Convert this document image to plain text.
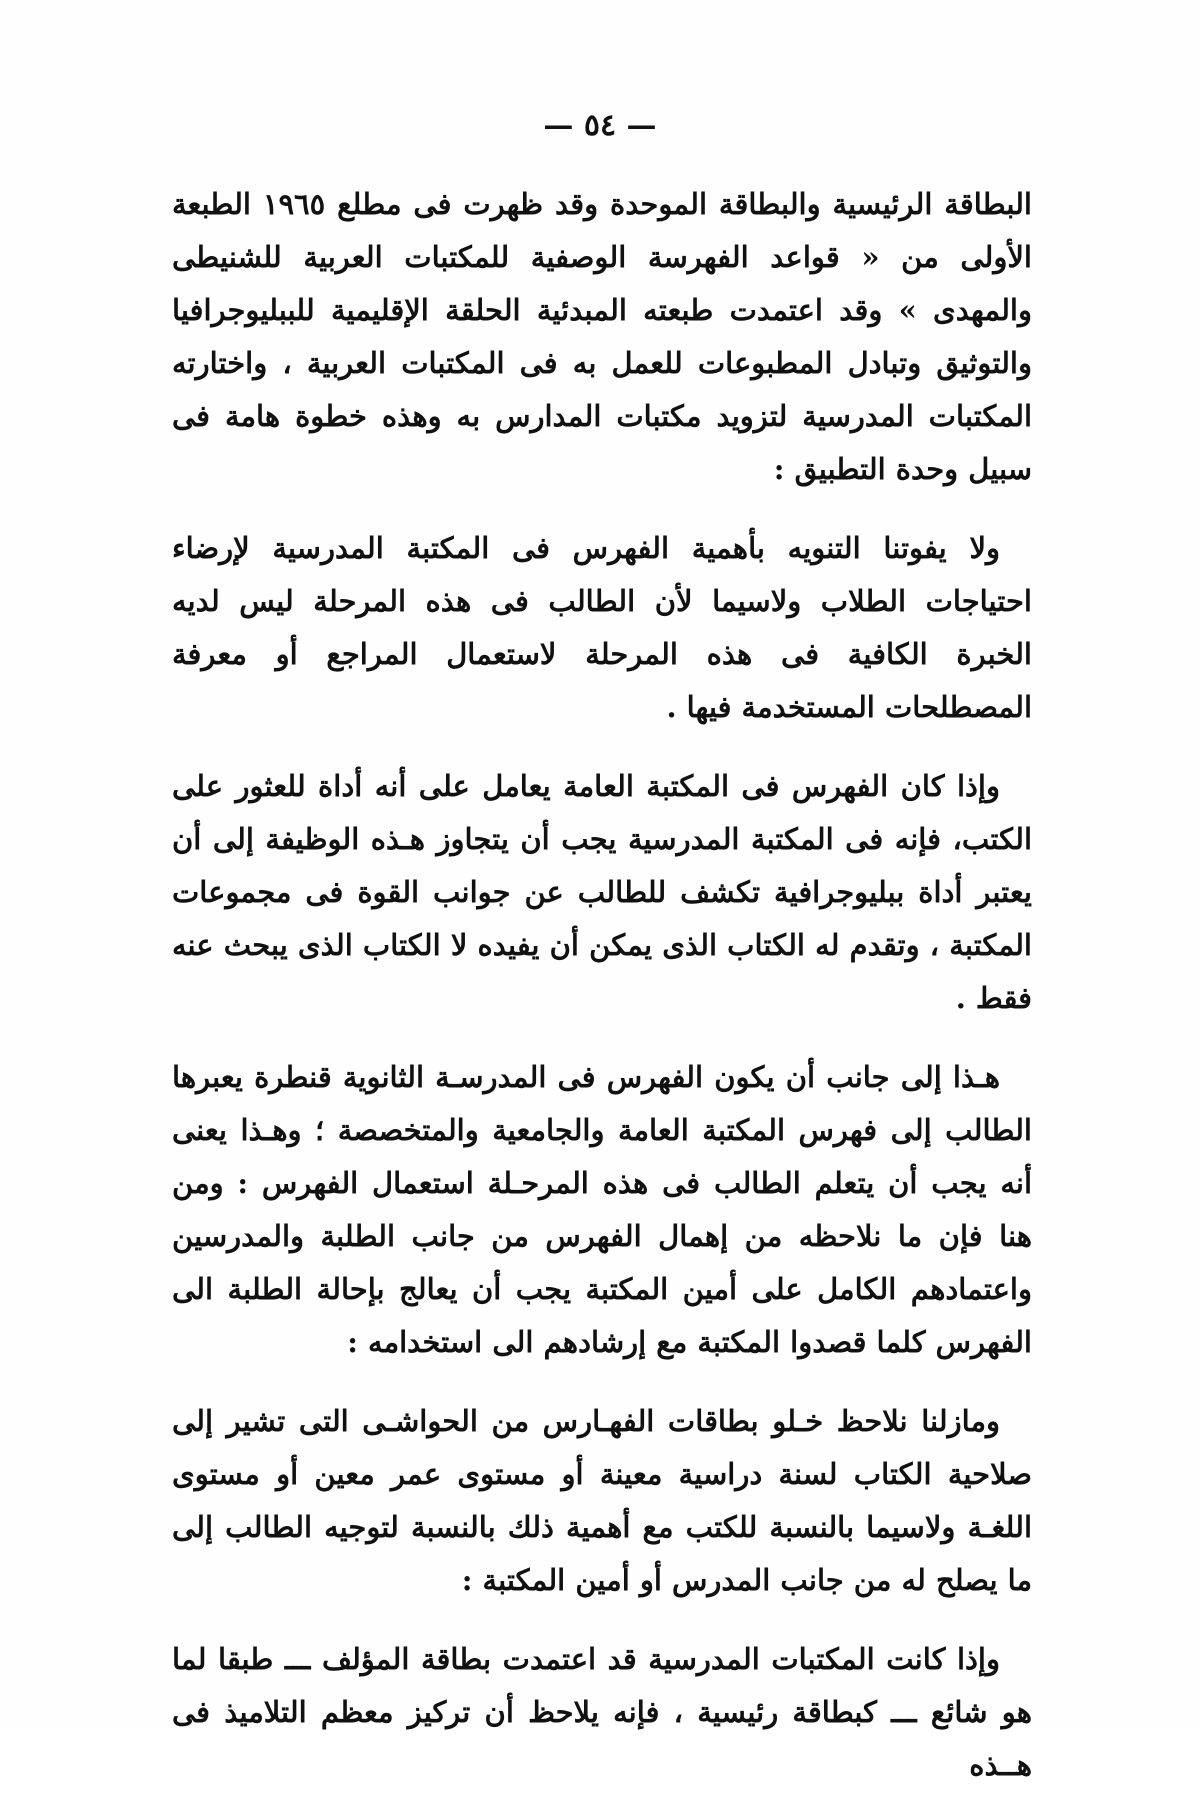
— ٥٤ —

البطاقة الرئيسية والبطاقة الموحدة وقد ظهرت فى مطلع ١٩٦٥ الطبعة الأولى من « قواعد الفهرسة الوصفية للمكتبات العربية للشنيطى والمهدى » وقد اعتمدت طبعته المبدئية الحلقة الإقليمية للببليوجرافيا والتوثيق وتبادل المطبوعات للعمل به فى المكتبات العربية ، واختارته المكتبات المدرسية لتزويد مكتبات المدارس به وهذه خطوة هامة فى سبيل وحدة التطبيق :

ولا يفوتنا التنويه بأهمية الفهرس فى المكتبة المدرسية لإرضاء احتياجات الطلاب ولاسيما لأن الطالب فى هذه المرحلة ليس لديه الخبرة الكافية فى هذه المرحلة لاستعمال المراجع أو معرفة المصطلحات المستخدمة فيها .

وإذا كان الفهرس فى المكتبة العامة يعامل على أنه أداة للعثور على الكتب، فإنه فى المكتبة المدرسية يجب أن يتجاوز هـذه الوظيفة إلى أن يعتبر أداة ببليوجرافية تكشف للطالب عن جوانب القوة فى مجموعات المكتبة ، وتقدم له الكتاب الذى يمكن أن يفيده لا الكتاب الذى يبحث عنه فقط .

هـذا إلى جانب أن يكون الفهرس فى المدرسـة الثانوية قنطرة يعبرها الطالب إلى فهرس المكتبة العامة والجامعية والمتخصصة ؛ وهـذا يعنى أنه يجب أن يتعلم الطالب فى هذه المرحـلة استعمال الفهرس : ومن هنا فإن ما نلاحظه من إهمال الفهرس من جانب الطلبة والمدرسين واعتمادهم الكامل على أمين المكتبة يجب أن يعالج بإحالة الطلبة الى الفهرس كلما قصدوا المكتبة مع إرشادهم الى استخدامه :

ومازلنا نلاحظ خـلو بطاقات الفهـارس من الحواشـى التى تشير إلى صلاحية الكتاب لسنة دراسية معينة أو مستوى عمر معين أو مستوى اللغـة ولاسيما بالنسبة للكتب مع أهمية ذلك بالنسبة لتوجيه الطالب إلى ما يصلح له من جانب المدرس أو أمين المكتبة :

وإذا كانت المكتبات المدرسية قد اعتمدت بطاقة المؤلف ـــ طبقا لما هو شائع ـــ كبطاقة رئيسية ، فإنه يلاحظ أن تركيز معظم التلاميذ فى هــذه
